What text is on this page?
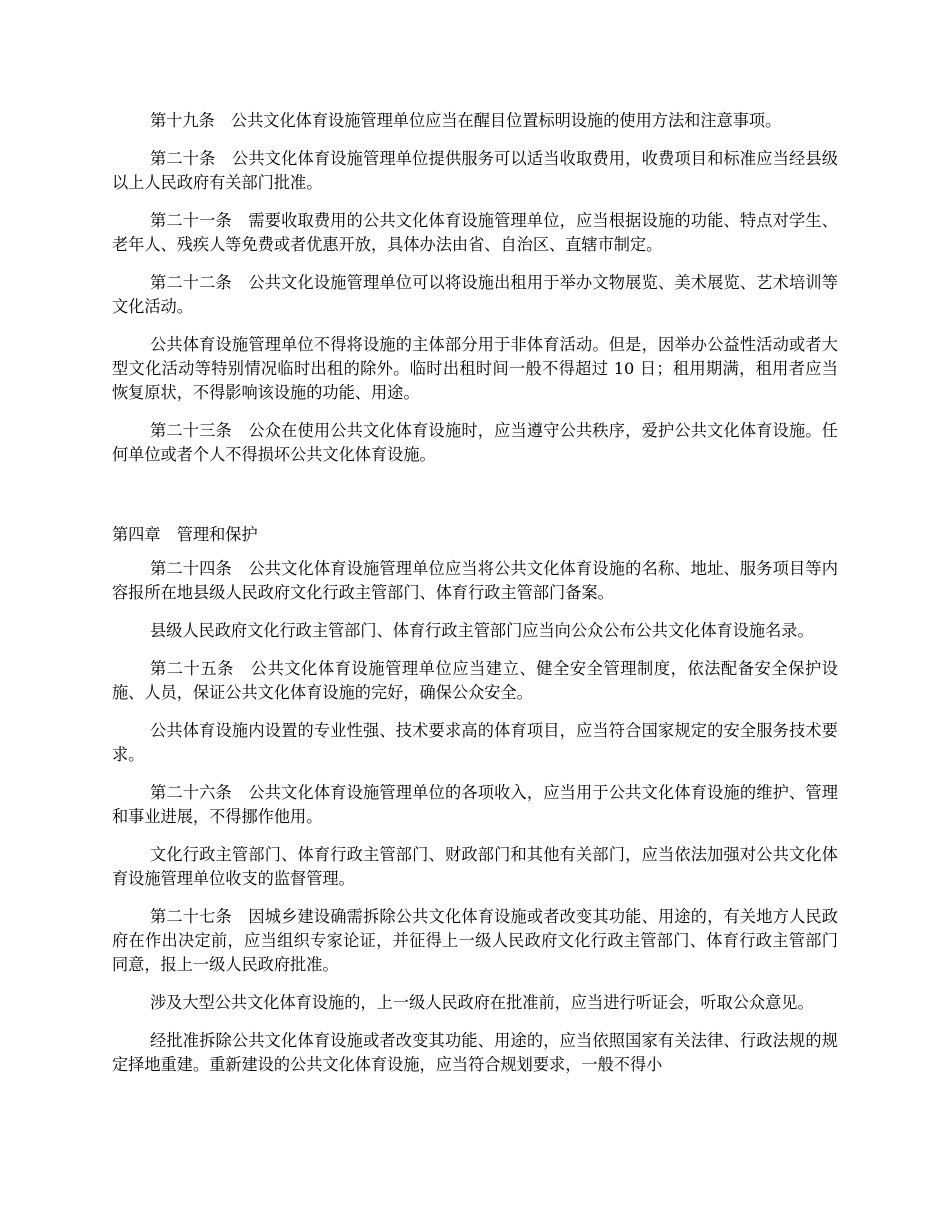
第十九条　公共文化体育设施管理单位应当在醒目位置标明设施的使用方法和注意事项。

第二十条　公共文化体育设施管理单位提供服务可以适当收取费用，收费项目和标准应当经县级以上人民政府有关部门批准。

第二十一条　需要收取费用的公共文化体育设施管理单位，应当根据设施的功能、特点对学生、老年人、残疾人等免费或者优惠开放，具体办法由省、自治区、直辖市制定。

第二十二条　公共文化设施管理单位可以将设施出租用于举办文物展览、美术展览、艺术培训等文化活动。

公共体育设施管理单位不得将设施的主体部分用于非体育活动。但是，因举办公益性活动或者大型文化活动等特别情况临时出租的除外。临时出租时间一般不得超过 10 日；租用期满，租用者应当恢复原状，不得影响该设施的功能、用途。

第二十三条　公众在使用公共文化体育设施时，应当遵守公共秩序，爱护公共文化体育设施。任何单位或者个人不得损坏公共文化体育设施。

第四章　管理和保护

第二十四条　公共文化体育设施管理单位应当将公共文化体育设施的名称、地址、服务项目等内容报所在地县级人民政府文化行政主管部门、体育行政主管部门备案。

县级人民政府文化行政主管部门、体育行政主管部门应当向公众公布公共文化体育设施名录。

第二十五条　公共文化体育设施管理单位应当建立、健全安全管理制度，依法配备安全保护设施、人员，保证公共文化体育设施的完好，确保公众安全。

公共体育设施内设置的专业性强、技术要求高的体育项目，应当符合国家规定的安全服务技术要求。

第二十六条　公共文化体育设施管理单位的各项收入，应当用于公共文化体育设施的维护、管理和事业进展，不得挪作他用。

文化行政主管部门、体育行政主管部门、财政部门和其他有关部门，应当依法加强对公共文化体育设施管理单位收支的监督管理。

第二十七条　因城乡建设确需拆除公共文化体育设施或者改变其功能、用途的，有关地方人民政府在作出决定前，应当组织专家论证，并征得上一级人民政府文化行政主管部门、体育行政主管部门同意，报上一级人民政府批准。

涉及大型公共文化体育设施的，上一级人民政府在批准前，应当进行听证会，听取公众意见。

经批准拆除公共文化体育设施或者改变其功能、用途的，应当依照国家有关法律、行政法规的规定择地重建。重新建设的公共文化体育设施，应当符合规划要求，一般不得小
